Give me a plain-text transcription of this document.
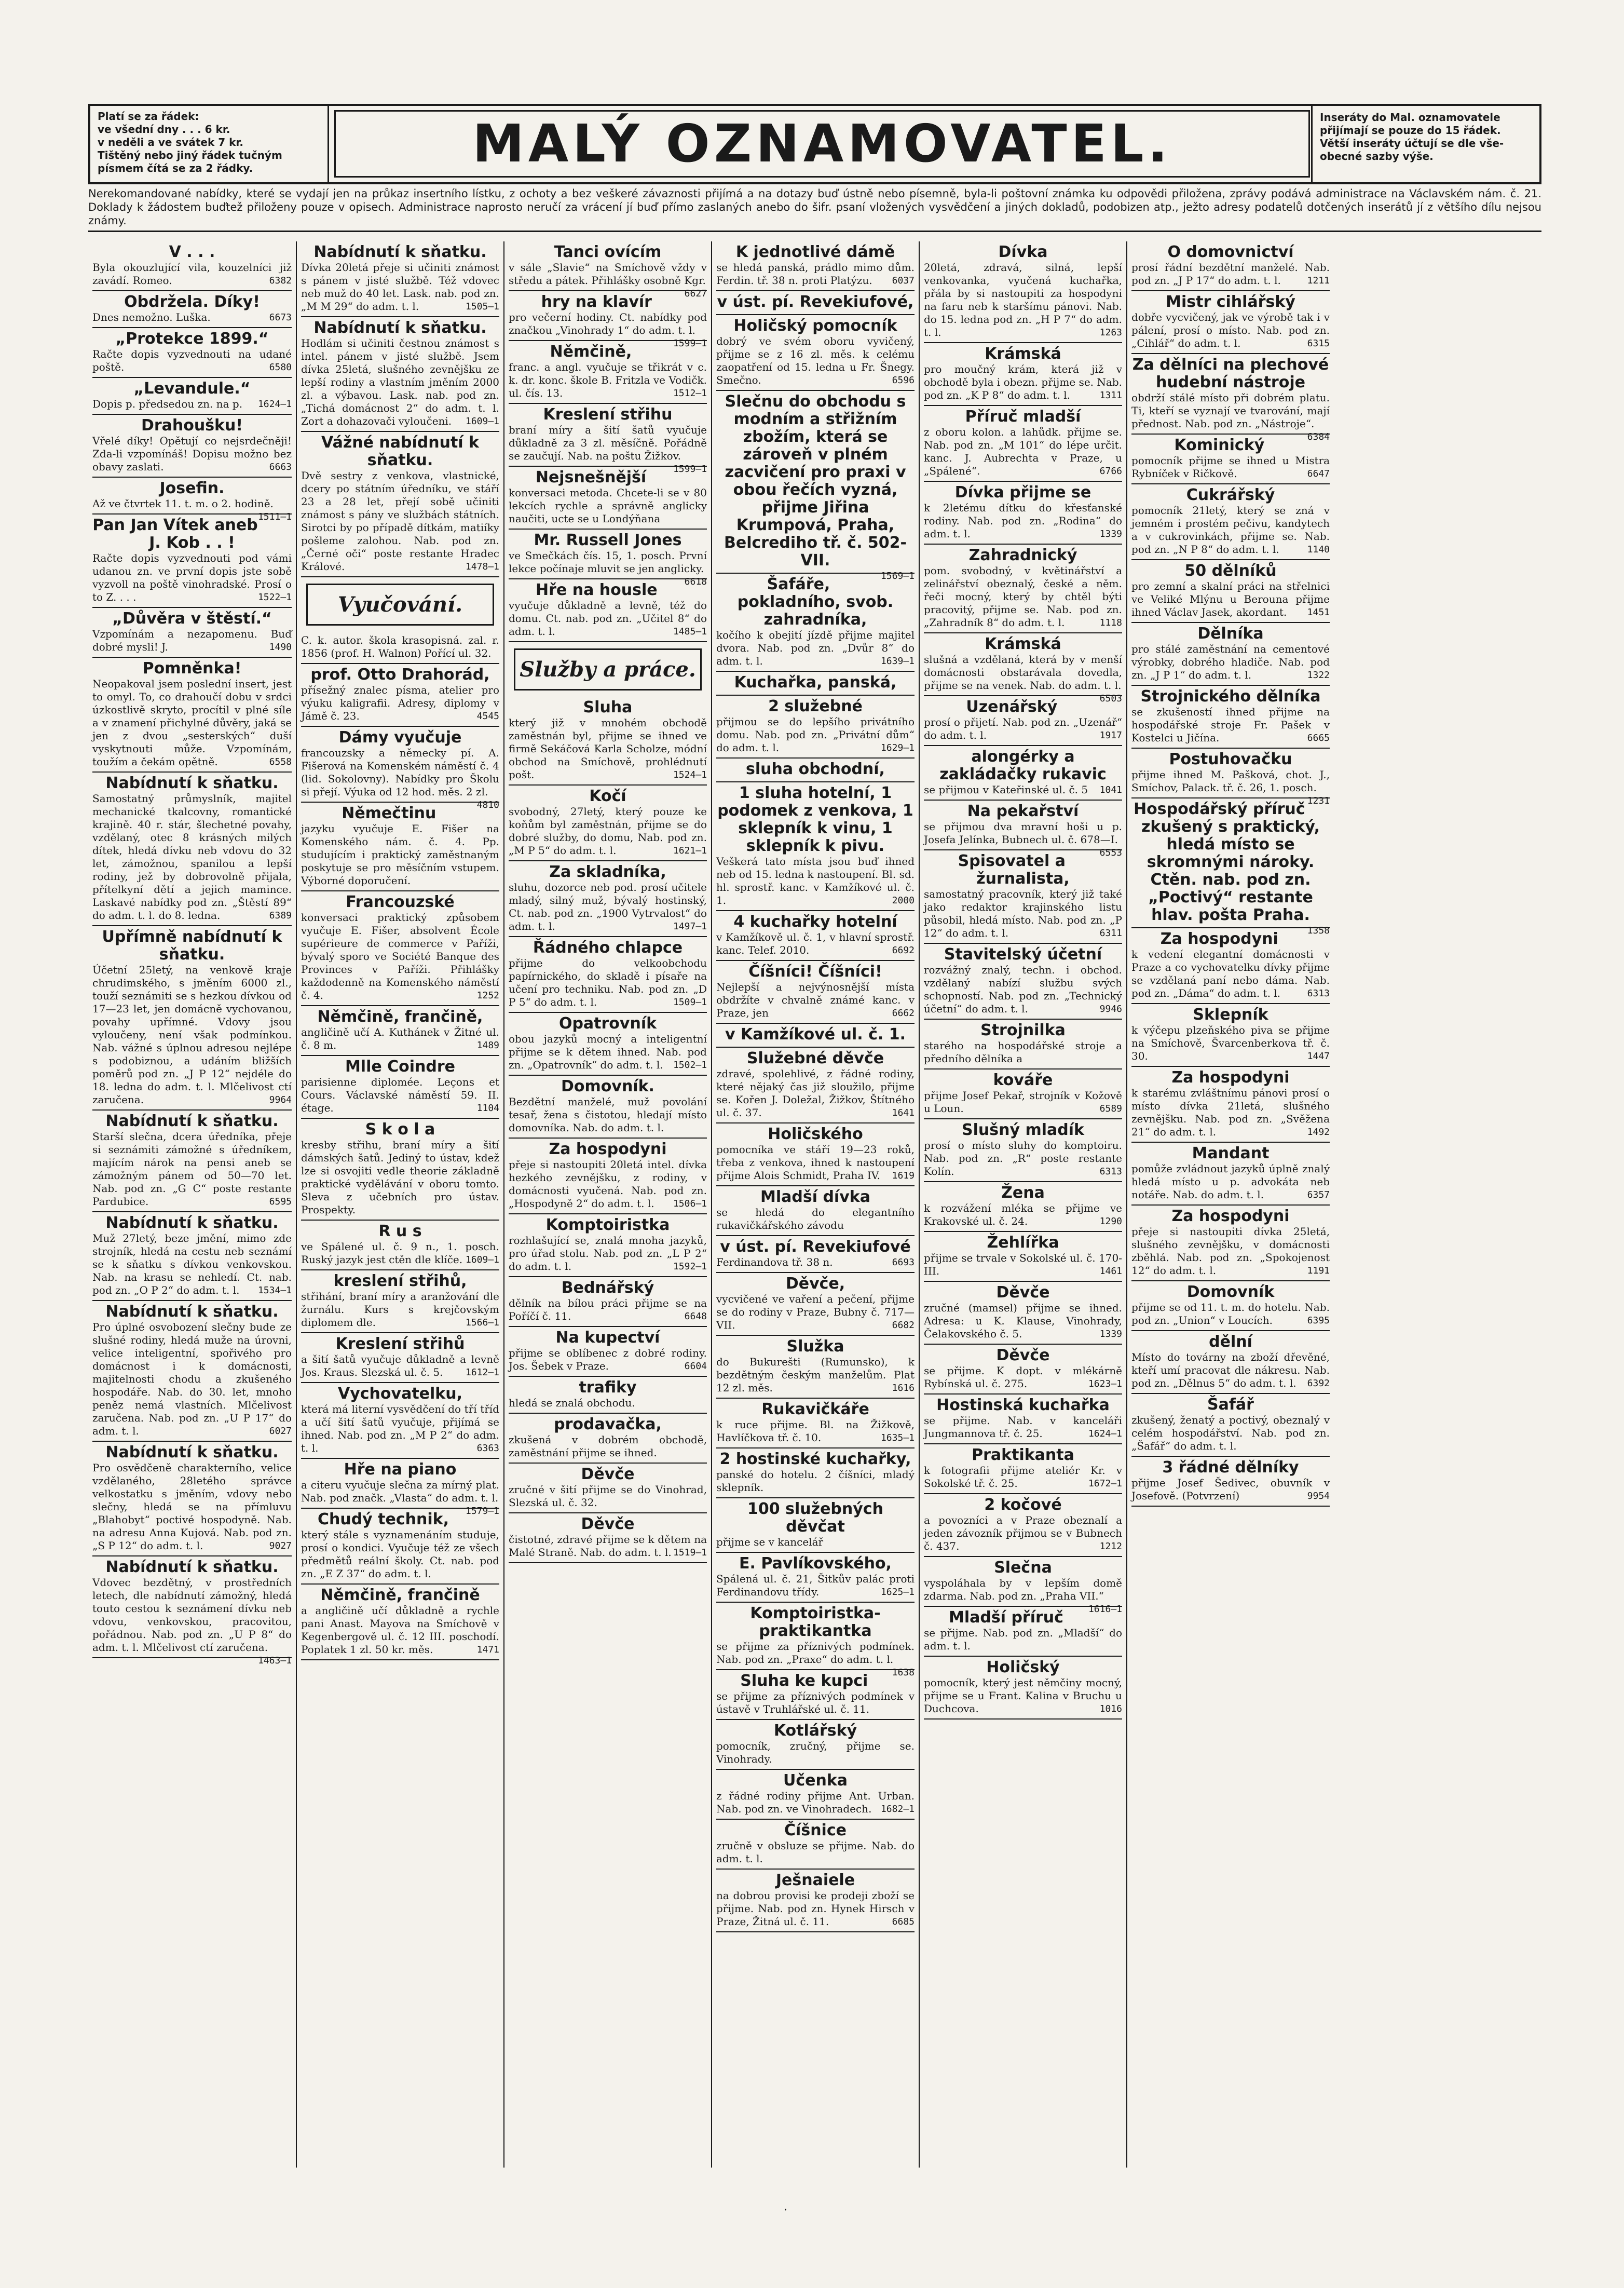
Platí se za řádek:
ve všední dny . . . 6 kr.
v neděli a ve svátek 7 kr.
Tištěný nebo jiný řádek tučným
písmem čítá se za 2 řádky.	MALÝ OZNAMOVATEL.	Inseráty do Mal. oznamovatele
přijímají se pouze do 15 řádek.
Větší inseráty účtují se dle vše-
obecné sazby výše.
Nerekomandované nabídky, které se vydají jen na průkaz insertního lístku, z ochoty a bez veškeré závaznosti přijímá a na dotazy buď ústně nebo písemně, byla-li poštovní známka ku odpovědi přiložena, zprávy podává administrace na Václavském nám. č. 21. Doklady k žádostem buďtež přiloženy pouze v opisech. Administrace naprosto neručí za vrácení jí buď přímo zaslaných anebo do šifr. psaní vložených vysvědčení a jiných dokladů, podobizen atp., ježto adresy podatelů dotčených inserátů jí z většího dílu nejsou známy.
V . . .
Byla okouzlující vila, kouzelníci již zavádí. Romeo.	6382
Obdržela. Díky!
Dnes nemožno. Luška.	6673
„Protekce 1899.“
Račte dopis vyzvednouti na udané poště.	6580
„Levandule.“
Dopis p. předsedou zn. na p. 1624—1
Drahoušku!
Vřelé díky! Opětují co nejsrdečněji! Zda-li vzpomínáš! Dopisu možno bez obavy zaslati.	6663
Josefin.
Až ve čtvrtek 11. t. m. o 2. hodině.
1511—1
Pan Jan Vítek aneb J. Kob . . !
Račte dopis vyzvednouti pod vámi udanou zn. ve první dopis jste sobě vyzvoll na poště vinohradské. Prosí o to Z. . . .	1522—1
„Důvěra v štěstí.“
Vzpomínám a nezapomenu. Buď dobré mysli! J.	1490
Pomněnka!
Neopakoval jsem poslední insert, jest to omyl. To, co drahoučí dobu v srdci úzkostlivě skryto, procítil v plné síle a v znamení přichylné důvěry, jaká se jen z dvou „sesterských“ duší vyskytnouti může. Vzpomínám, toužím a čekám opětně.	6558
Nabídnutí k sňatku.
Samostatný průmyslník, majitel mechanické tkalcovny, romantické krajině. 40 r. stár, šlechetné povahy, vzdělaný, otec 8 krásných milých dítek, hledá dívku neb vdovu do 32 let, zámožnou, spanilou a lepší rodiny, jež by dobrovolně přijala, přítelkyní dětí a jejich mamince. Laskavé nabídky pod zn. „Štěstí 89“ do adm. t. l. do 8. ledna.	6389
Upřímně nabídnutí k sňatku.
Účetní 25letý, na venkově kraje chrudimského, s jměním 6000 zl., touží seznámiti se s hezkou dívkou od 17—23 let, jen domácně vychovanou, povahy upřímné. Vdovy jsou vyloučeny, není však podmínkou. Nab. vážné s úplnou adresou nejlépe s podobiznou, a udáním bližších poměrů pod zn. „J P 12“ nejdéle do 18. ledna do adm. t. l. Mlčelivost ctí zaručena.	9964
Nabídnutí k sňatku.
Starší slečna, dcera úředníka, přeje si seznámiti zámožné s úředníkem, majícím nárok na pensi aneb se zámožným pánem od 50—70 let. Nab. pod zn. „G C“ poste restante Pardubice.	6595
Nabídnutí k sňatku.
Muž 27letý, beze jmění, mimo zde strojník, hledá na cestu neb seznámí se k sňatku s dívkou venkovskou. Nab. na krasu se nehledí. Ct. nab. pod zn. „O P 2“ do adm. t. l. 1534—1
Nabídnutí k sňatku.
Pro úplné osvobození slečny bude ze slušné rodiny, hledá muže na úrovni, velice inteligentní, spořivého pro domácnost i k domácnosti, majitelnosti chodu a zkušeného hospodáře. Nab. do 30. let, mnoho peněz nemá vlastních. Mlčelivost zaručena. Nab. pod zn. „U P 17“ do adm. t. l.	6027
Nabídnutí k sňatku.
Pro osvědčeně charakterního, velice vzdělaného, 28letého správce velkostatku s jměním, vdovy nebo slečny, hledá se na přímluvu „Blahobyt“ poctivé hospodyně. Nab. na adresu Anna Kujová. Nab. pod zn. „S P 12“ do adm. t. l.	9027
Nabídnutí k sňatku.
Vdovec bezdětný, v prostředních letech, dle nabídnutí zámožný, hledá touto cestou k seznámení dívku neb vdovu, venkovskou, pracovitou, pořádnou. Nab. pod zn. „U P 8“ do adm. t. l. Mlčelivost ctí zaručena.
1463—1
Nabídnutí k sňatku.
Dívka 20letá přeje si učiniti známost s pánem v jisté službě. Též vdovec neb muž do 40 let. Lask. nab. pod zn. „M M 29“ do adm. t. l.	1505—1
Nabídnutí k sňatku.
Hodlám si učiniti čestnou známost s intel. pánem v jisté službě. Jsem dívka 25letá, slušného zevnějšku ze lepší rodiny a vlastním jměním 2000 zl. a výbavou. Lask. nab. pod zn. „Tichá domácnost 2“ do adm. t. l. Zort a dohazovači vyloučeni. 1609—1
Vážné nabídnutí k sňatku.
Dvě sestry z venkova, vlastnické, dcery po státním úředníku, ve stáří 23 a 28 let, přejí sobě učiniti známost s pány ve službách státních. Sirotci by po případě dítkám, matiíky pošleme zalohou. Nab. pod zn. „Černé oči“ poste restante Hradec Králové.	1478—1
Vyučování.
C. k. autor. škola krasopisná. zal. r. 1856 (prof. H. Walnon) Pořící ul. 32.
prof. Otto Drahorád,
přísežný znalec písma, atelier pro výuku kaligrafii. Adresy, diplomy v Jámě č. 23.	4545
Dámy vyučuje
francouzsky a německy pí. A. Fišerová na Komenském náměstí č. 4 (lid. Sokolovny). Nabídky pro Školu si přejí. Výuka od 12 hod. měs. 2 zl.
4810
Němečtinu
jazyku vyučuje E. Fišer na Komenského nám. č. 4. Pp. studujícím i praktický zaměstnaným poskytuje se pro měsíčním vstupem. Výborné doporučení.
Francouzské
konversaci praktický způsobem vyučuje E. Fišer, absolvent École supérieure de commerce v Paříži, bývalý sporo ve Société Banque des Provinces v Paříži. Přihlášky každodenně na Komenského náměstí č. 4.	1252
Němčině, frančině,
angličině učí A. Kuthánek v Žitné ul. č. 8 m.	1489
Mlle Coindre
parisienne diplomée. Leçons et Cours. Václavské náměstí 59. II. étage.	1104
S k o l a
kresby střihu, braní míry a šití dámských šatů. Jediný to ústav, kdež lze si osvojiti vedle theorie základně praktické vydělávání v oboru tomto. Sleva z učebních pro ústav. Prospekty.
R u s
ve Spálené ul. č. 9 n., 1. posch. Ruský jazyk jest ctěn dle klíče. 1609—1
kreslení střihů,
střihání, braní míry a aranžování dle žurnálu. Kurs s krejčovským diplomem dle.	1566—1
Kreslení střihů
a šití šatů vyučuje důkladně a levně Jos. Kraus. Slezská ul. č. 5. 1612—1
Vychovatelku,
která má literní vysvědčení do tří tříd a učí šití šatů vyučuje, přijímá se ihned. Nab. pod zn. „M P 2“ do adm. t. l.	6363
Hře na piano
a citeru vyučuje slečna za mírný plat. Nab. pod značk. „Vlasta“ do adm. t. l.
1579—1
Chudý technik,
který stále s vyznamenáním studuje, prosí o kondici. Vyučuje též ze všech předmětů reální školy. Ct. nab. pod zn. „E Z 37“ do adm. t. l.
Němčině, frančině
a angličině učí důkladně a rychle pani Anast. Mayova na Smíchově v Kegenbergově ul. č. 12 III. poschodí. Poplatek 1 zl. 50 kr. měs.	1471
Tanci ovícím
v sále „Slavie“ na Smíchově vždy v středu a pátek. Přihlášky osobně Kgr.
6627
hry na klavír
pro večerní hodiny. Ct. nabídky pod značkou „Vinohrady 1“ do adm. t. l.
1599—1
Němčině,
franc. a angl. vyučuje se třikrát v c. k. dr. konc. škole B. Fritzla ve Vodičk. ul. čís. 13.	1512—1
Kreslení střihu
braní míry a šití šatů vyučuje důkladně za 3 zl. měsíčně. Pořádně se zaučují. Nab. na poštu Žižkov.
1599—1
Nejsnešnější
konversaci metoda. Chcete-li se v 80 lekcích rychle a správně anglicky naučiti, ucte se u Londýňana
Mr. Russell Jones
ve Smečkách čís. 15, 1. posch. První lekce počínaje mluvit se jen anglicky.
6618
Hře na housle
vyučuje důkladně a levně, též do domu. Ct. nab. pod zn. „Učitel 8“ do adm. t. l.	1485—1
Služby a práce.
Sluha
který již v mnohém obchodě zaměstnán byl, přijme se ihned ve firmě Sekáčová Karla Scholze, módní obchod na Smíchově, prohlédnutí pošt.	1524—1
Kočí
svobodný, 27letý, který pouze ke koňům byl zaměstnán, přijme se do dobré služby, do domu, Nab. pod zn. „M P 5“ do adm. t. l.	1621—1
Za skladníka,
sluhu, dozorce neb pod. prosí učitele mladý, silný muž, bývalý hostinský, Ct. nab. pod zn. „1900 Vytrvalost“ do adm. t. l.	1497—1
Řádného chlapce
přijme do velkoobchodu papírnického, do skladě i písaře na učení pro techniku. Nab. pod zn. „D P 5“ do adm. t. l.	1509—1
Opatrovník
obou jazyků mocný a inteligentní přijme se k dětem ihned. Nab. pod zn. „Opatrovník“ do adm. t. l. 1502—1
Domovník.
Bezdětní manželé, muž povolání tesař, žena s čistotou, hledají místo domovníka. Nab. do adm. t. l.
Za hospodyni
přeje si nastoupiti 20letá intel. dívka hezkého zevnějšku, z rodiny, v domácnosti vyučená. Nab. pod zn. „Hospodyně 2“ do adm. t. l. 1506—1
Komptoiristka
rozhlašující se, znalá mnoha jazyků, pro úřad stolu. Nab. pod zn. „L P 2“ do adm. t. l.	1592—1
Bednářský
dělník na bílou práci přijme se na Poříčí č. 11.	6648
Na kupectví
přijme se oblíbenec z dobré rodiny. Jos. Šebek v Praze.	6604
trafiky
hledá se znalá obchodu.
prodavačka,
zkušená v dobrém obchodě, zaměstnání přijme se ihned.
Děvče
zručné v šití přijme se do Vinohrad, Slezská ul. č. 32.
Děvče
čistotné, zdravé přijme se k dětem na Malé Straně. Nab. do adm. t. l. 1519—1
K jednotlivé dámě
se hledá panská, prádlo mimo dům. Ferdin. tř. 38 n. proti Platýzu. 6037
v úst. pí. Revekiufové,
Holičský pomocník
dobrý ve svém oboru vyvičený, přijme se z 16 zl. měs. k celému zaopatření od 15. ledna u Fr. Šnegy. Smečno.	6596
Slečnu do obchodu s modním a střižním zbožím, která se zároveň v plném zacvičení pro praxi v obou řečích vyzná, přijme Jiřina Krumpová, Praha, Belcrediho tř. č. 502-VII.
1569—1
Šafáře, pokladního, svob. zahradníka,
kočího k obejití jízdě přijme majitel dvora. Nab. pod zn. „Dvůr 8“ do adm. t. l.	1639—1
Kuchařka, panská,
2 služebné
přijmou se do lepšího privátního domu. Nab. pod zn. „Privátní dům“ do adm. t. l.	1629—1
sluha obchodní,
1 sluha hotelní, 1 podomek z venkova, 1 sklepník k vinu, 1 sklepník k pivu.
Veškerá tato místa jsou buď ihned neb od 15. ledna k nastoupení. Bl. sd. hl. sprostř. kanc. v Kamžíkové ul. č. 1.	2000
4 kuchařky hotelní
v Kamžíkově ul. č. 1, v hlavní sprostř. kanc. Telef. 2010.	6692
Číšníci! Číšníci!
Nejlepší a nejvýnosnější místa obdržíte v chvalně známé kanc. v Praze, jen	6662
v Kamžíkové ul. č. 1.
Služebné děvče
zdravé, spolehlivé, z řádné rodiny, které nějaký čas již sloužilo, přijme se. Kořen J. Doležal, Žižkov, Štítného ul. č. 37.	1641
Holičského
pomocníka ve stáří 19—23 roků, třeba z venkova, ihned k nastoupení přijme Alois Schmidt, Praha IV. 1619
Mladší dívka
se hledá do elegantního rukavičkářského závodu
v úst. pí. Revekiufové
Ferdinandova tř. 38 n.	6693
Děvče,
vycvičené ve vaření a pečení, přijme se do rodiny v Praze, Bubny č. 717—VII.	6682
Služka
do Bukurešti (Rumunsko), k bezdětným českým manželům. Plat 12 zl. měs.	1616
Rukavičkáře
k ruce přijme. Bl. na Žižkově, Havlíčkova tř. č. 10.	1635—1
2 hostinské kuchařky,
panské do hotelu. 2 číšníci, mladý sklepník.
100 služebných děvčat
přijme se v kancelář
E. Pavlíkovského,
Spálená ul. č. 21, Šitkův palác proti Ferdinandovu třídy.	1625—1
Komptoiristka-praktikantka
se přijme za příznivých podmínek. Nab. pod zn. „Praxe“ do adm. t. l.
1638
Sluha ke kupci
se přijme za příznivých podmínek v ústavě v Truhlářské ul. č. 11.
Kotlářský
pomocník, zručný, přijme se. Vinohrady.
Učenka
z řádné rodiny přijme Ant. Urban. Nab. pod zn. ve Vinohradech. 1682—1
Číšnice
zručně v obsluze se přijme. Nab. do adm. t. l.
Ješnaiele
na dobrou provisi ke prodeji zboží se přijme. Nab. pod zn. Hynek Hirsch v Praze, Žitná ul. č. 11.	6685
Dívka
20letá, zdravá, silná, lepší venkovanka, vyučená kuchařka, přála by si nastoupiti za hospodyni na faru neb k staršímu pánovi. Nab. do 15. ledna pod zn. „H P 7“ do adm. t. l.	1263
Krámská
pro moučný krám, která již v obchodě byla i obezn. přijme se. Nab. pod zn. „K P 8“ do adm. t. l.	1311
Příruč mladší
z oboru kolon. a lahůdk. přijme se. Nab. pod zn. „M 101“ do lépe určit. kanc. J. Aubrechta v Praze, u „Spálené“.	6766
Dívka přijme se
k 2letému dítku do křesťanské rodiny. Nab. pod zn. „Rodina“ do adm. t. l.	1339
Zahradnický
pom. svobodný, v květinářství a zelinářství obeznalý, české a něm. řeči mocný, který by chtěl býti pracovitý, přijme se. Nab. pod zn. „Zahradník 8“ do adm. t. l.	1118
Krámská
slušná a vzdělaná, která by v menší domácnosti obstarávala dovedla, přijme se na venek. Nab. do adm. t. l.
6503
Uzenářský
prosí o přijetí. Nab. pod zn. „Uzenář“ do adm. t. l.	1917
alongérky a zakládačky rukavic
se přijmou v Kateřinské ul. č. 5 1041
Na pekařství
se přijmou dva mravní hoši u p. Josefa Jelínka, Bubnech ul. č. 678—I.
6553
Spisovatel a žurnalista,
samostatný pracovník, který již také jako redaktor krajinského listu působil, hledá místo. Nab. pod zn. „P 12“ do adm. t. l.	6311
Stavitelský účetní
rozvážný znalý, techn. i obchod. vzdělaný nabízí službu svých schopností. Nab. pod zn. „Technický účetní“ do adm. t. l.	9946
Strojnilka
starého na hospodářské stroje a předního dělníka a
kováře
přijme Josef Pekař, strojník v Kožově u Loun.	6589
Slušný mladík
prosí o místo sluhy do komptoiru. Nab. pod zn. „R“ poste restante Kolín.	6313
Žena
k rozvážení mléka se přijme ve Krakovské ul. č. 24.	1290
Žehlířka
přijme se trvale v Sokolské ul. č. 170-III.	1461
Děvče
zručné (mamsel) přijme se ihned. Adresa: u K. Klause, Vinohrady, Čelakovského č. 5.	1339
Děvče
se přijme. K dopt. v mlékárně Rybínská ul. č. 275.	1623—1
Hostinská kuchařka
se přijme. Nab. v kanceláři Jungmannova tř. č. 25.	1624—1
Praktikanta
k fotografii přijme ateliér Kr. v Sokolské tř. č. 25.	1672—1
2 kočové
a povozníci a v Praze obeznalí a jeden závozník přijmou se v Bubnech č. 437.	1212
Slečna
vyspoláhala by v lepším domě zdarma. Nab. pod zn. „Praha VII.“
1616—1
Mladší příruč
se přijme. Nab. pod zn. „Mladší“ do adm. t. l.
Holičský
pomocník, který jest němčiny mocný, přijme se u Frant. Kalina v Bruchu u Duchcova.	1016
O domovnictví
prosí řádní bezdětní manželé. Nab. pod zn. „J P 17“ do adm. t. l.	1211
Mistr cihlářský
dobře vycvičený, jak ve výrobě tak i v pálení, prosí o místo. Nab. pod zn. „Cihlář“ do adm. t. l.	6315
Za dělníci na plechové hudební nástroje
obdrží stálé místo při dobrém platu. Ti, kteří se vyznají ve tvarování, mají přednost. Nab. pod zn. „Nástroje“.
6384
Kominický
pomocník přijme se ihned u Mistra Rybníček v Ričkově.	6647
Cukrářský
pomocník 21letý, který se zná v jemném i prostém pečivu, kandytech a v cukrovinkách, přijme se. Nab. pod zn. „N P 8“ do adm. t. l.	1140
50 dělníků
pro zemní a skalní práci na střelnici ve Veliké Mlýnu u Berouna přijme ihned Václav Jasek, akordant. 1451
Dělníka
pro stálé zaměstnání na cementové výrobky, dobrého hladiče. Nab. pod zn. „J P 1“ do adm. t. l.	1322
Strojnického dělníka
se zkušeností ihned přijme na hospodářské stroje Fr. Pašek v Kostelci u Jičína.	6665
Postuhovačku
přijme ihned M. Pašková, chot. J., Smíchov, Palack. tř. č. 26, 1. posch.
1231
Hospodářský příruč zkušený s praktický, hledá místo se skromnými nároky. Ctěn. nab. pod zn. „Poctivý“ restante hlav. pošta Praha.
1358
Za hospodyni
k vedení elegantní domácnosti v Praze a co vychovatelku dívky přijme se vzdělaná paní nebo dáma. Nab. pod zn. „Dáma“ do adm. t. l.	6313
Sklepník
k výčepu plzeňského piva se přijme na Smíchově, Švarcenberkova tř. č. 30.	1447
Za hospodyni
k starému zvláštnímu pánovi prosí o místo dívka 21letá, slušného zevnějšku. Nab. pod zn. „Svěžena 21“ do adm. t. l.	1492
Mandant
pomůže zvládnout jazyků úplně znalý hledá místo u p. advokáta neb notáře. Nab. do adm. t. l.	6357
Za hospodyni
přeje si nastoupiti dívka 25letá, slušného zevnějšku, v domácnosti zběhlá. Nab. pod zn. „Spokojenost 12“ do adm. t. l.	1191
Domovník
přijme se od 11. t. m. do hotelu. Nab. pod zn. „Union“ v Loucích.	6395
dělní
Místo do továrny na zboží dřevěné, kteří umí pracovat dle nákresu. Nab. pod zn. „Dělnus 5“ do adm. t. l. 6392
Šafář
zkušený, ženatý a poctivý, obeznalý v celém hospodářství. Nab. pod zn. „Šafář“ do adm. t. l.
3 řádné dělníky
přijme Josef Šedivec, obuvník v Josefově. (Potvrzení)	9954
·
